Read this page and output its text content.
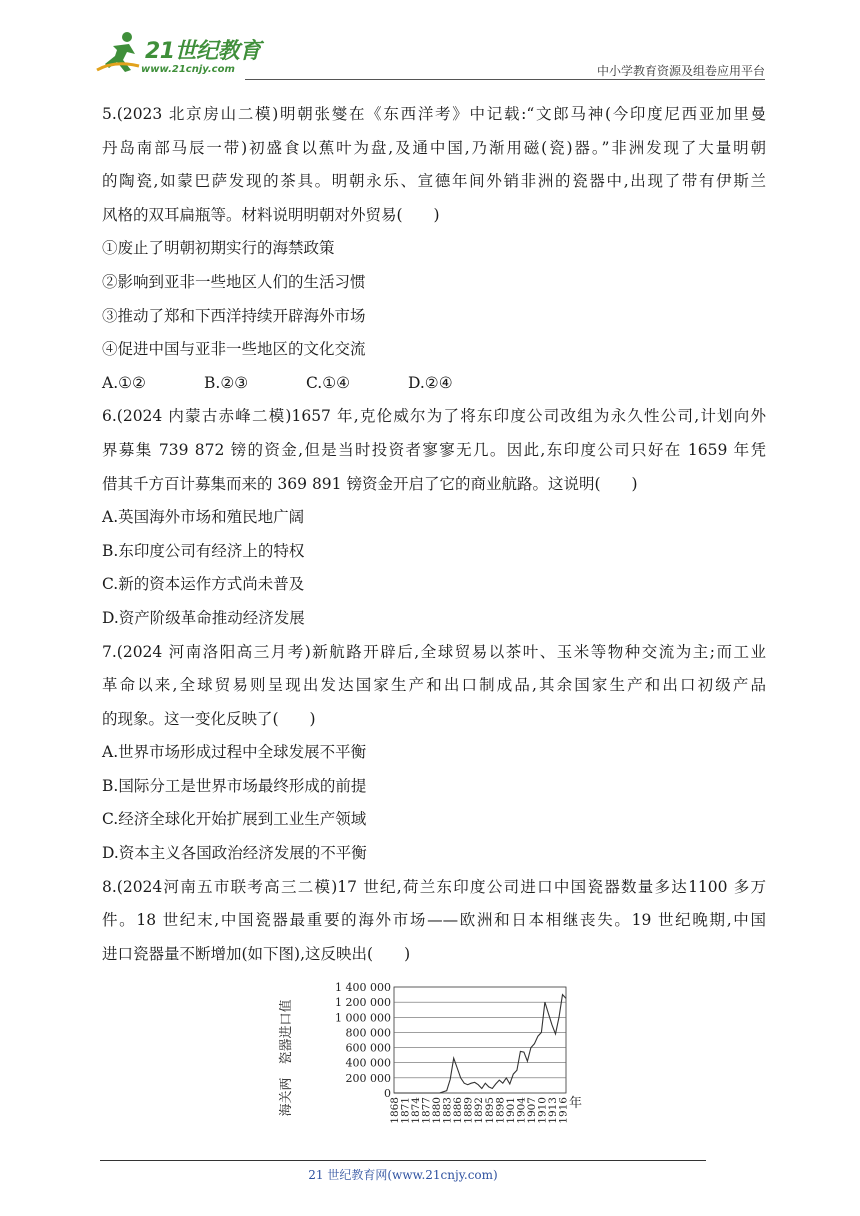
21世纪教育
www.21cnjy.com	中小学教育资源及组卷应用平台
5.(2023 北京房山二模)明朝张燮在《东西洋考》中记载:“文郎马神(今印度尼西亚加里曼
丹岛南部马辰一带)初盛食以蕉叶为盘,及通中国,乃渐用磁(瓷)器。”非洲发现了大量明朝
的陶瓷,如蒙巴萨发现的茶具。明朝永乐、宣德年间外销非洲的瓷器中,出现了带有伊斯兰
风格的双耳扁瓶等。材料说明明朝对外贸易(　　)
①废止了明朝初期实行的海禁政策
②影响到亚非一些地区人们的生活习惯
③推动了郑和下西洋持续开辟海外市场
④促进中国与亚非一些地区的文化交流
A.①②	B.②③	C.①④	D.②④
6.(2024 内蒙古赤峰二模)1657 年,克伦威尔为了将东印度公司改组为永久性公司,计划向外
界募集 739 872 镑的资金,但是当时投资者寥寥无几。因此,东印度公司只好在 1659 年凭
借其千方百计募集而来的 369 891 镑资金开启了它的商业航路。这说明(　　)
A.英国海外市场和殖民地广阔
B.东印度公司有经济上的特权
C.新的资本运作方式尚未普及
D.资产阶级革命推动经济发展
7.(2024 河南洛阳高三月考)新航路开辟后,全球贸易以茶叶、玉米等物种交流为主;而工业
革命以来,全球贸易则呈现出发达国家生产和出口制成品,其余国家生产和出口初级产品
的现象。这一变化反映了(　　)
A.世界市场形成过程中全球发展不平衡
B.国际分工是世界市场最终形成的前提
C.经济全球化开始扩展到工业生产领域
D.资本主义各国政治经济发展的不平衡
8.(2024河南五市联考高三二模)17 世纪,荷兰东印度公司进口中国瓷器数量多达1100 多万
件。18 世纪末,中国瓷器最重要的海外市场——欧洲和日本相继丧失。19 世纪晚期,中国
进口瓷器量不断增加(如下图),这反映出(　　)
0
200 000
400 000
600 000
800 000
1 000 000
1 200 000
1 400 000
1868
1871
1874
1877
1880
1883
1886
1889
1892
1895
1898
1901
1904
1907
1910
1913
1916 年
海关两　瓷器进口值
21 世纪教育网(www.21cnjy.com)
